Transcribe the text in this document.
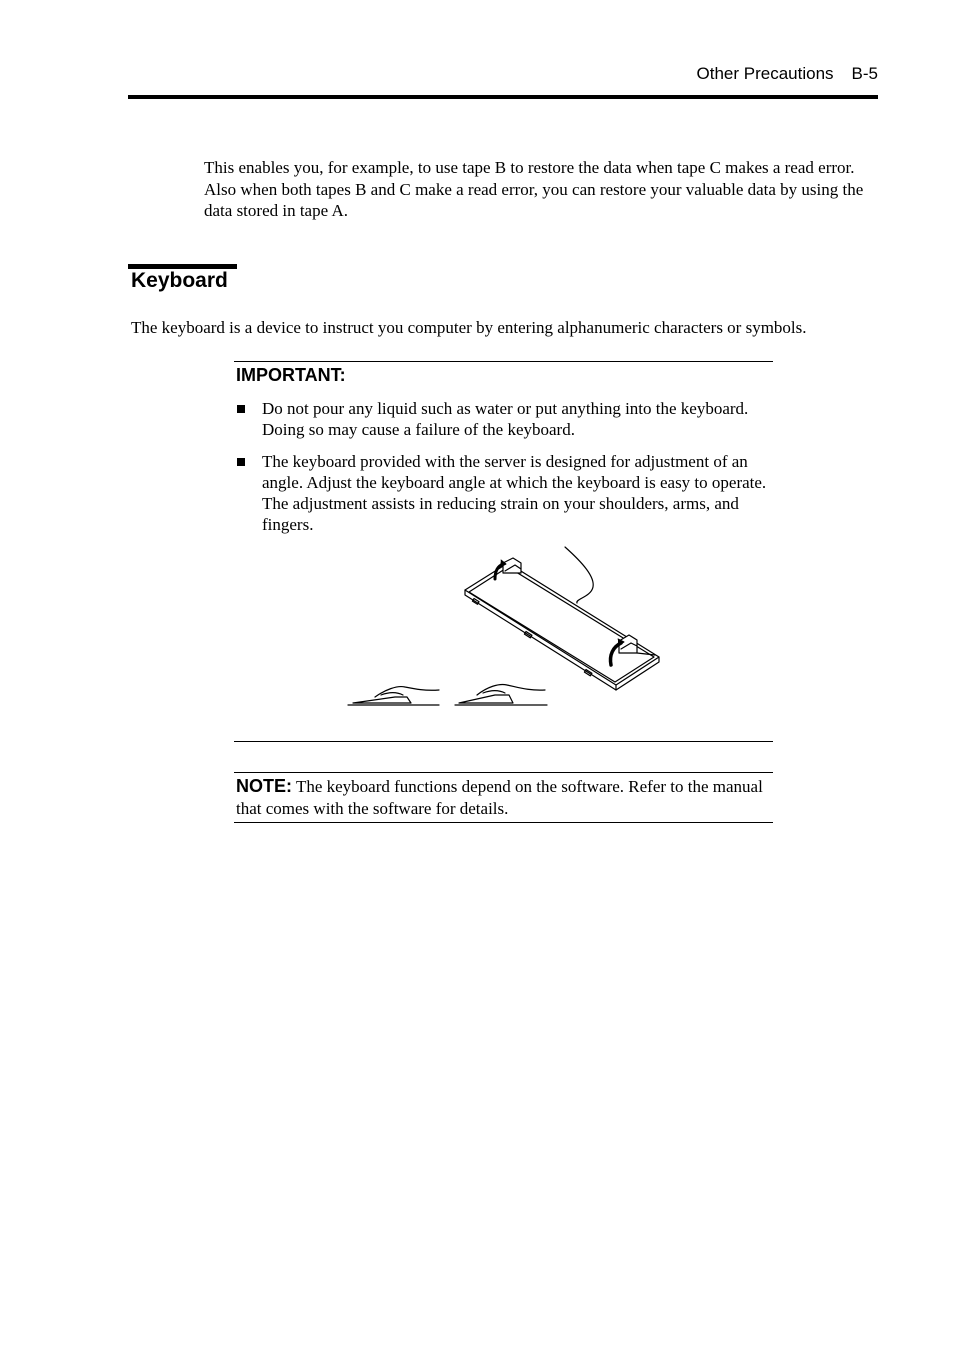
Other Precautions B-5

This enables you, for example, to use tape B to restore the data when tape C makes a read error. Also when both tapes B and C make a read error, you can restore your valuable data by using the data stored in tape A.

Keyboard

The keyboard is a device to instruct you computer by entering alphanumeric characters or symbols.

IMPORTANT:
Do not pour any liquid such as water or put anything into the keyboard. Doing so may cause a failure of the keyboard.
The keyboard provided with the server is designed for adjustment of an angle. Adjust the keyboard angle at which the keyboard is easy to operate. The adjustment assists in reducing strain on your shoulders, arms, and fingers.

NOTE: The keyboard functions depend on the software. Refer to the manual that comes with the software for details.
